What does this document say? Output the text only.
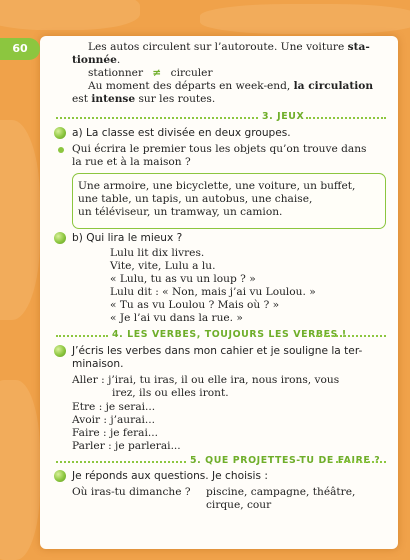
60	Les autos circulent sur l’autoroute. Une voiture sta-
tionnée.
stationner ≠ circuler
Au moment des départs en week-end, la circulation
est intense sur les routes.
3. JEUX
a) La classe est divisée en deux groupes.
Qui écrira le premier tous les objets qu’on trouve dans
la rue et à la maison ?
Une armoire, une bicyclette, une voiture, un buffet,
une table, un tapis, un autobus, une chaise,
un téléviseur, un tramway, un camion.
b) Qui lira le mieux ?
Lulu lit dix livres.
Vite, vite, Lulu a lu.
« Lulu, tu as vu un loup ? »
Lulu dit : « Non, mais j’ai vu Loulou. »
« Tu as vu Loulou ? Mais où ? »
« Je l’ai vu dans la rue. »
4. LES VERBES, TOUJOURS LES VERBES !
J’écris les verbes dans mon cahier et je souligne la ter-
minaison.
Aller : j’irai, tu iras, il ou elle ira, nous irons, vous
irez, ils ou elles iront.
Etre : je serai...
Avoir : j’aurai...
Faire : je ferai...
Parler : je parlerai...
5. QUE PROJETTES-TU DE FAIRE ?
Je réponds aux questions. Je choisis :
Où iras-tu dimanche ? piscine, campagne, théâtre,
cirque, cour
